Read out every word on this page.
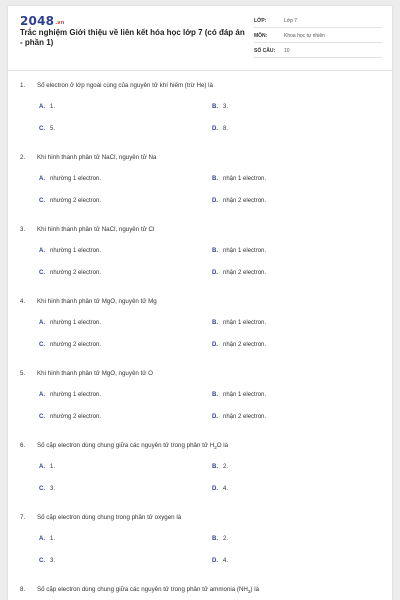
2048.vn
Trắc nghiệm Giới thiệu về liên kết hóa học lớp 7 (có đáp án - phần 1)
LỚP:	Lớp 7
MÔN:	Khoa học tự nhiên
SỐ CÂU:	10
1. Số electron ở lớp ngoài cùng của nguyên tử khí hiếm (trừ He) là
A. 1.	B. 3.
C. 5.	D. 8.
2. Khi hình thành phân tử NaCl, nguyên tử Na
A. nhường 1 electron.	B. nhận 1 electron.
C. nhường 2 electron.	D. nhận 2 electron.
3. Khi hình thành phân tử NaCl, nguyên tử Cl
A. nhường 1 electron.	B. nhận 1 electron.
C. nhường 2 electron.	D. nhận 2 electron.
4. Khi hình thành phân tử MgO, nguyên tử Mg
A. nhường 1 electron.	B. nhận 1 electron.
C. nhường 2 electron.	D. nhận 2 electron.
5. Khi hình thành phân tử MgO, nguyên tử O
A. nhường 1 electron.	B. nhận 1 electron.
C. nhường 2 electron.	D. nhận 2 electron.
6. Số cặp electron dùng chung giữa các nguyên tử trong phân tử $H_2O$ là
A. 1.	B. 2.
C. 3.	D. 4.
7. Số cặp electron dùng chung trong phân tử oxygen là
A. 1.	B. 2.
C. 3.	D. 4.
8. Số cặp electron dùng chung giữa các nguyên tử trong phân tử ammonia $(NH_3)$ là
